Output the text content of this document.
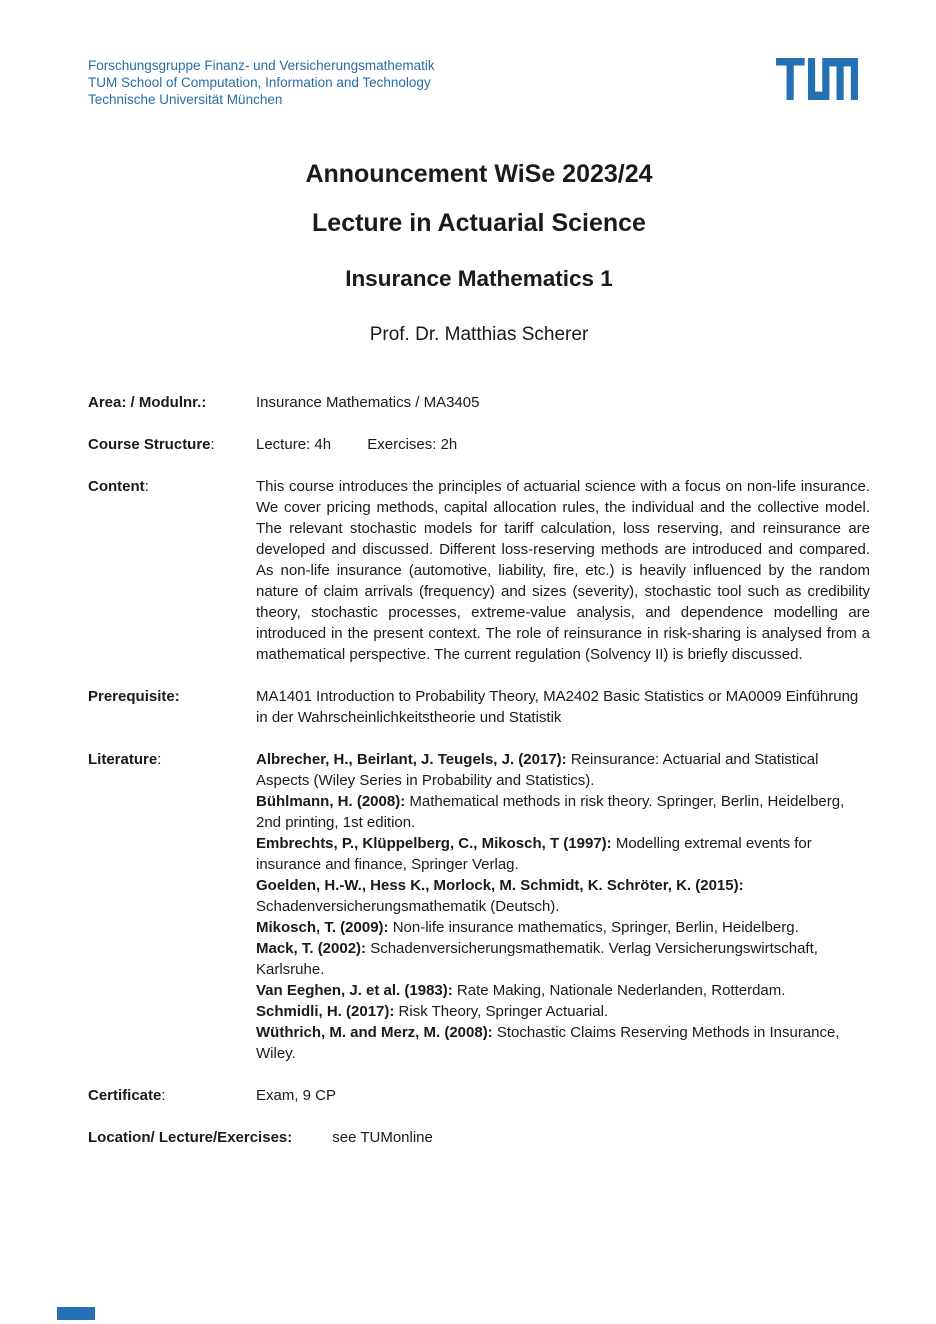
Forschungsgruppe Finanz- und Versicherungsmathematik
TUM School of Computation, Information and Technology
Technische Universität München
Announcement WiSe 2023/24
Lecture in Actuarial Science
Insurance Mathematics 1
Prof. Dr. Matthias Scherer
Area: / Modulnr.:	Insurance Mathematics / MA3405
Course Structure:	Lecture: 4h Exercises: 2h
Content:	This course introduces the principles of actuarial science with a focus on non-life insurance. We cover pricing methods, capital allocation rules, the individual and the collective model. The relevant stochastic models for tariff calculation, loss reserving, and reinsurance are developed and discussed. Different loss-reserving methods are introduced and compared. As non-life insurance (automotive, liability, fire, etc.) is heavily influenced by the random nature of claim arrivals (frequency) and sizes (severity), stochastic tool such as credibility theory, stochastic processes, extreme-value analysis, and dependence modelling are introduced in the present context. The role of reinsurance in risk-sharing is analysed from a mathematical perspective. The current regulation (Solvency II) is briefly discussed.
Prerequisite:	MA1401 Introduction to Probability Theory, MA2402 Basic Statistics or MA0009 Einführung in der Wahrscheinlichkeitstheorie und Statistik
Literature:	Albrecher, H., Beirlant, J. Teugels, J. (2017): Reinsurance: Actuarial and Statistical Aspects (Wiley Series in Probability and Statistics).
Bühlmann, H. (2008): Mathematical methods in risk theory. Springer, Berlin, Heidelberg, 2nd printing, 1st edition.
Embrechts, P., Klüppelberg, C., Mikosch, T (1997): Modelling extremal events for insurance and finance, Springer Verlag.
Goelden, H.-W., Hess K., Morlock, M. Schmidt, K. Schröter, K. (2015): Schadenversicherungsmathematik (Deutsch).
Mikosch, T. (2009): Non-life insurance mathematics, Springer, Berlin, Heidelberg.
Mack, T. (2002): Schadenversicherungsmathematik. Verlag Versicherungswirtschaft, Karlsruhe.
Van Eeghen, J. et al. (1983): Rate Making, Nationale Nederlanden, Rotterdam.
Schmidli, H. (2017): Risk Theory, Springer Actuarial.
Wüthrich, M. and Merz, M. (2008): Stochastic Claims Reserving Methods in Insurance, Wiley.
Certificate:	Exam, 9 CP
Location/ Lecture/Exercises:	see TUMonline
